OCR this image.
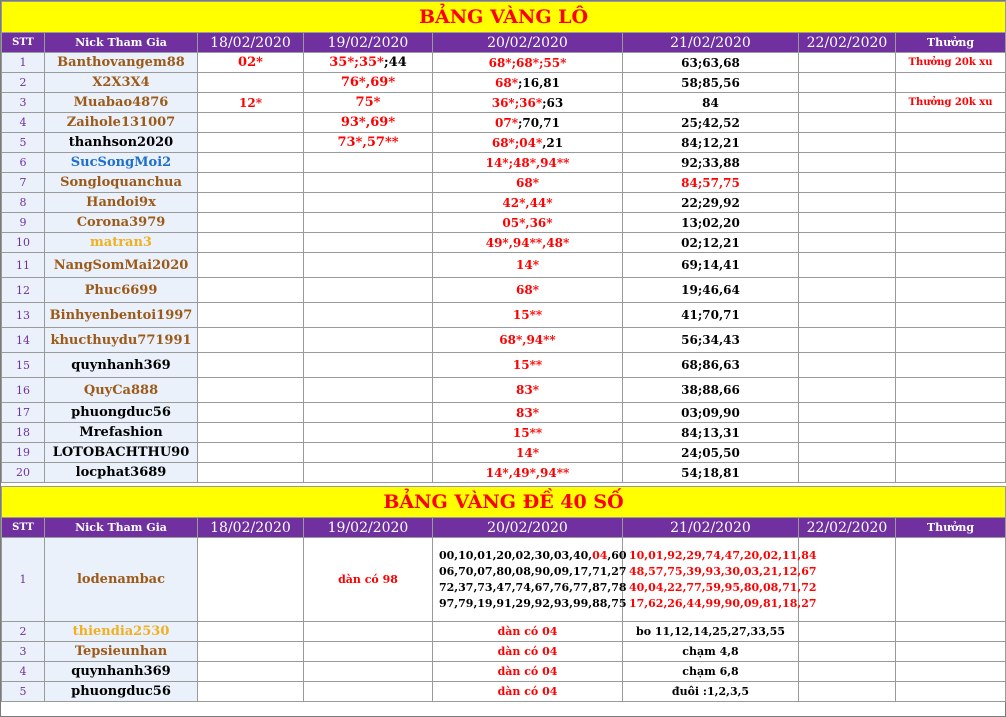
BẢNG VÀNG LÔ							
STT	Nick Tham Gia	18/02/2020	19/02/2020	20/02/2020	21/02/2020	22/02/2020	Thưởng
1	Banthovangem88	02*	35*;35*;44	68*;68*;55*	63;63,68		Thưởng 20k xu
2	X2X3X4		76*,69*	68*;16,81	58;85,56		
3	Muabao4876	12*	75*	36*;36*;63	84		Thưởng 20k xu
4	Zaihole131007		93*,69*	07*;70,71	25;42,52		
5	thanhson2020		73*,57**	68*;04*,21	84;12,21		
6	SucSongMoi2			14*;48*,94**	92;33,88		
7	Songloquanchua			68*	84;57,75		
8	Handoi9x			42*,44*	22;29,92		
9	Corona3979			05*,36*	13;02,20		
10	matran3			49*,94**,48*	02;12,21		
11	NangSomMai2020			14*	69;14,41		
12	Phuc6699			68*	19;46,64		
13	Binhyenbentoi1997			15**	41;70,71		
14	khucthuydu771991			68*,94**	56;34,43		
15	quynhanh369			15**	68;86,63		
16	QuyCa888			83*	38;88,66		
17	phuongduc56			83*	03;09,90		
18	Mrefashion			15**	84;13,31		
19	LOTOBACHTHU90			14*	24;05,50		
20	locphat3689			14*,49*,94**	54;18,81		

BẢNG VÀNG ĐỀ 40 SỐ							
STT	Nick Tham Gia	18/02/2020	19/02/2020	20/02/2020	21/02/2020	22/02/2020	Thưởng
1	lodenambac		dàn có 98	00,10,01,20,02,30,03,40,04,60
06,70,07,80,08,90,09,17,71,27
72,37,73,47,74,67,76,77,87,78
97,79,19,91,29,92,93,99,88,75	10,01,92,29,74,47,20,02,11,84
48,57,75,39,93,30,03,21,12,67
40,04,22,77,59,95,80,08,71,72
17,62,26,44,99,90,09,81,18,27		

2	thiendia2530			dàn có 04	bo 11,12,14,25,27,33,55		
3	Tepsieunhan			dàn có 04	chạm 4,8		
4	quynhanh369			dàn có 04	chạm 6,8		
5	phuongduc56			dàn có 04	đuôi :1,2,3,5		
